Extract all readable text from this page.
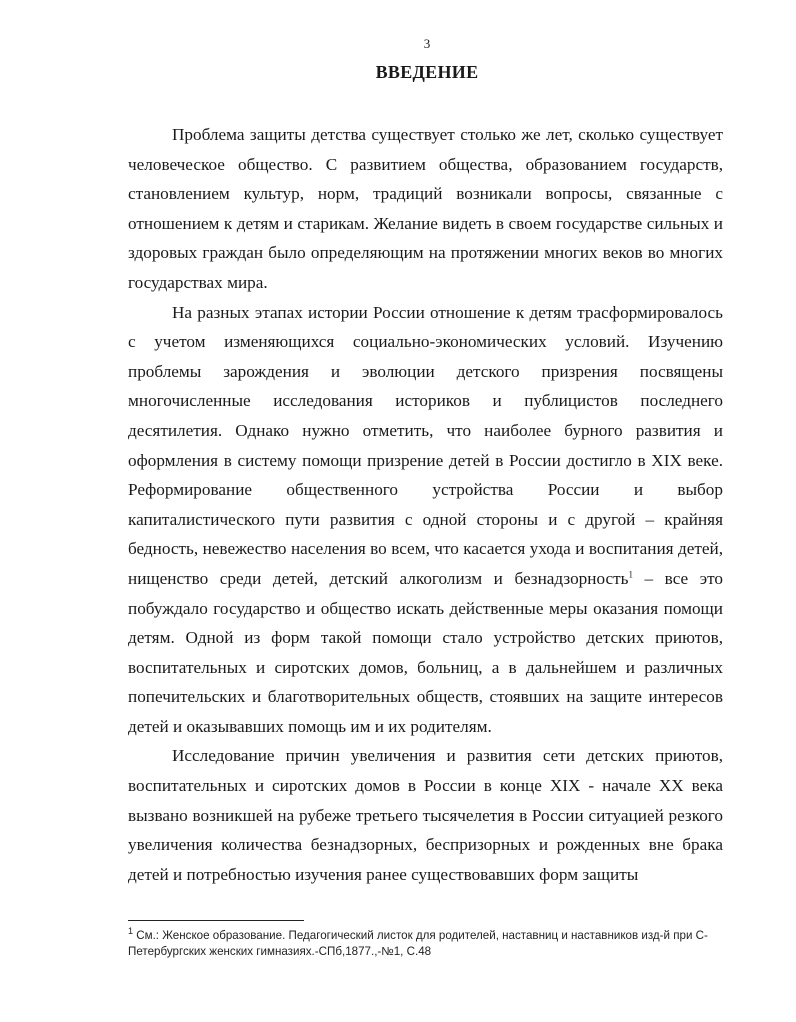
3
ВВЕДЕНИЕ

Проблема защиты детства существует столько же лет, сколько существует человеческое общество. С развитием общества, образованием государств, становлением культур, норм, традиций возникали вопросы, связанные с отношением к детям и старикам. Желание видеть в своем государстве сильных и здоровых граждан было определяющим на протяжении многих веков во многих государствах мира.

На разных этапах истории России отношение к детям трасформировалось с учетом изменяющихся социально-экономических условий. Изучению проблемы зарождения и эволюции детского призрения посвящены многочисленные исследования историков и публицистов последнего десятилетия. Однако нужно отметить, что наиболее бурного развития и оформления в систему помощи призрение детей в России достигло в XIX веке. Реформирование общественного устройства России и выбор капиталистического пути развития с одной стороны и с другой – крайняя бедность, невежество населения во всем, что касается ухода и воспитания детей, нищенство среди детей, детский алкоголизм и безнадзорность$^1$ – все это побуждало государство и общество искать действенные меры оказания помощи детям. Одной из форм такой помощи стало устройство детских приютов, воспитательных и сиротских домов, больниц, а в дальнейшем и различных попечительских и благотворительных обществ, стоявших на защите интересов детей и оказывавших помощь им и их родителям.

Исследование причин увеличения и развития сети детских приютов, воспитательных и сиротских домов в России в конце XIX - начале XX века вызвано возникшей на рубеже третьего тысячелетия в России ситуацией резкого увеличения количества безнадзорных, беспризорных и рожденных вне брака детей и потребностью изучения ранее существовавших форм защиты

$^1$ См.: Женское образование. Педагогический листок для родителей, наставниц и наставников изд-й при С-Петербургских женских гимназиях.-СПб,1877.,-№1, С.48
